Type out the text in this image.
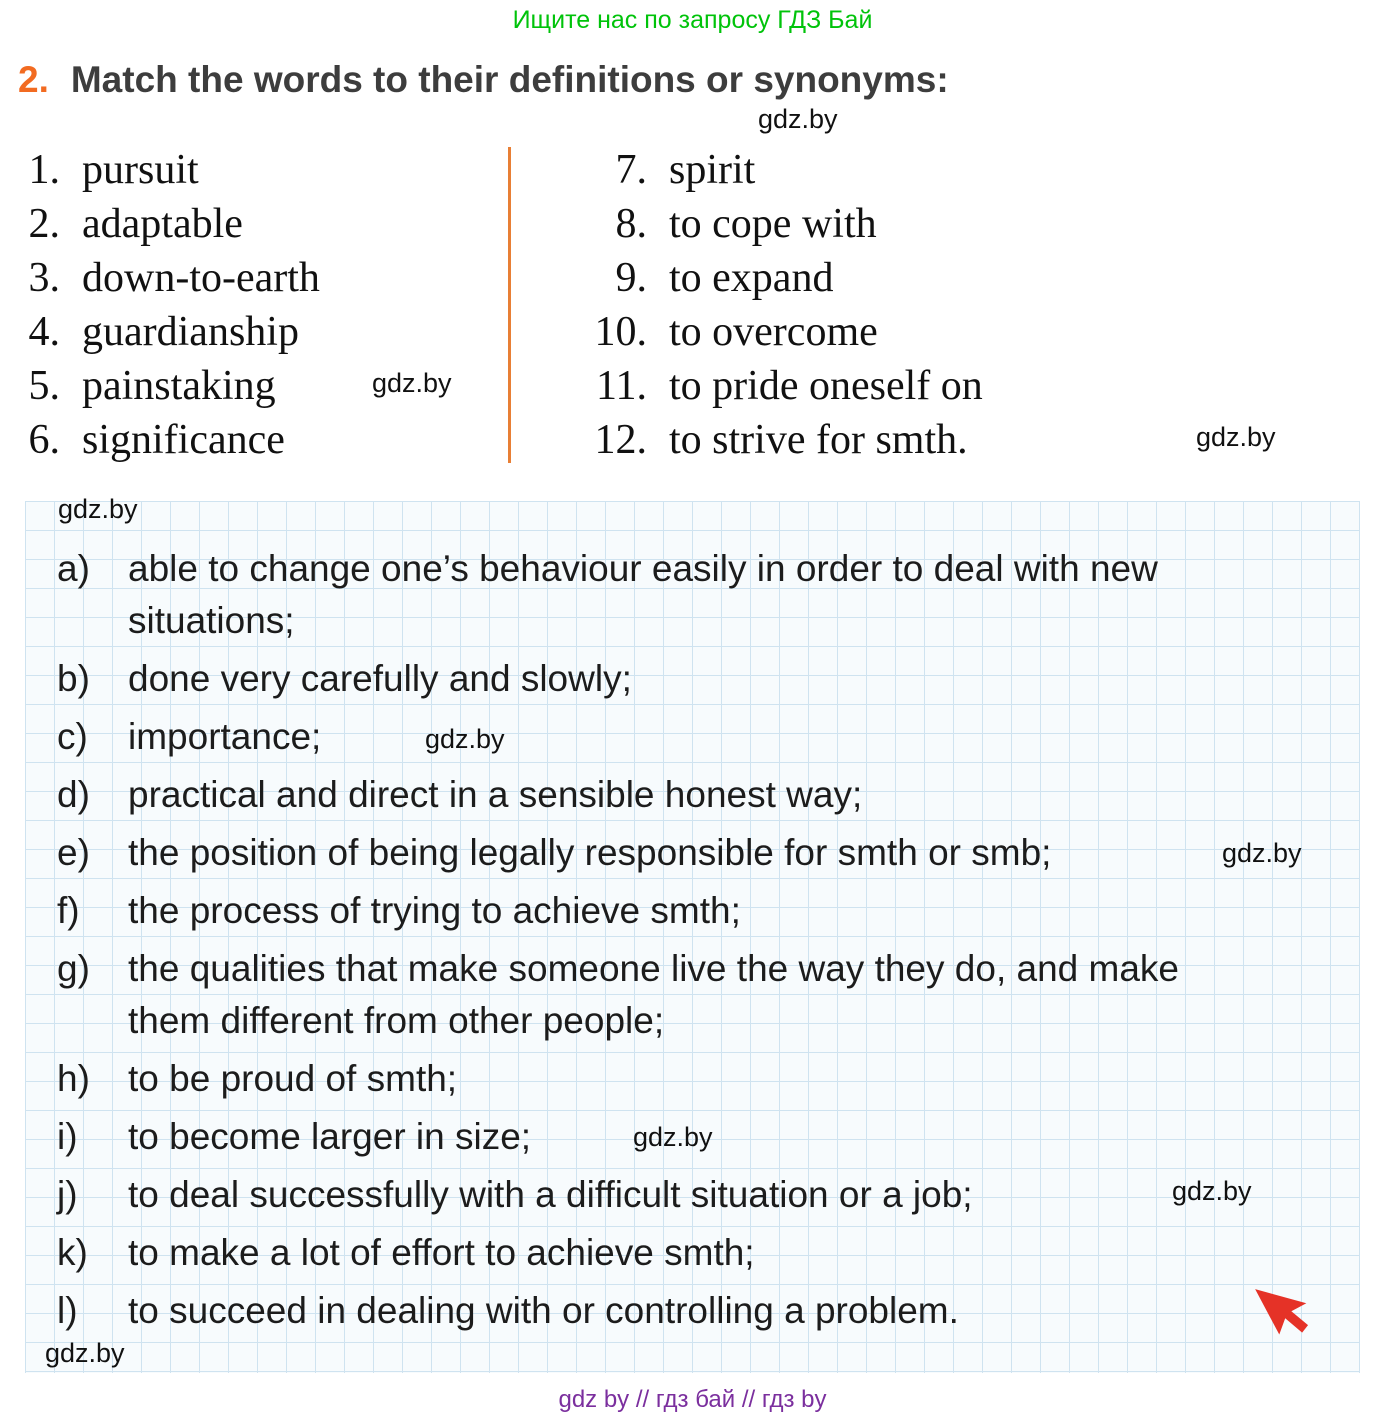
Ищите нас по запросу ГДЗ Бай
2. Match the words to their definitions or synonyms:
1. pursuit
2. adaptable
3. down-to-earth
4. guardianship
5. painstaking
6. significance
7. spirit
8. to cope with
9. to expand
10. to overcome
11. to pride oneself on
12. to strive for smth.
a)	able to change one’s behaviour easily in order to deal with new situations;
b)	done very carefully and slowly;
c)	importance;
d)	practical and direct in a sensible honest way;
e)	the position of being legally responsible for smth or smb;
f)	the process of trying to achieve smth;
g)	the qualities that make someone live the way they do, and make them different from other people;
h)	to be proud of smth;
i)	to become larger in size;
j)	to deal successfully with a difficult situation or a job;
k)	to make a lot of effort to achieve smth;
l)	to succeed in dealing with or controlling a problem.
gdz.by
gdz.by
gdz.by
gdz.by
gdz.by
gdz.by
gdz.by
gdz.by
gdz.by
gdz by // гдз бай // гдз by
